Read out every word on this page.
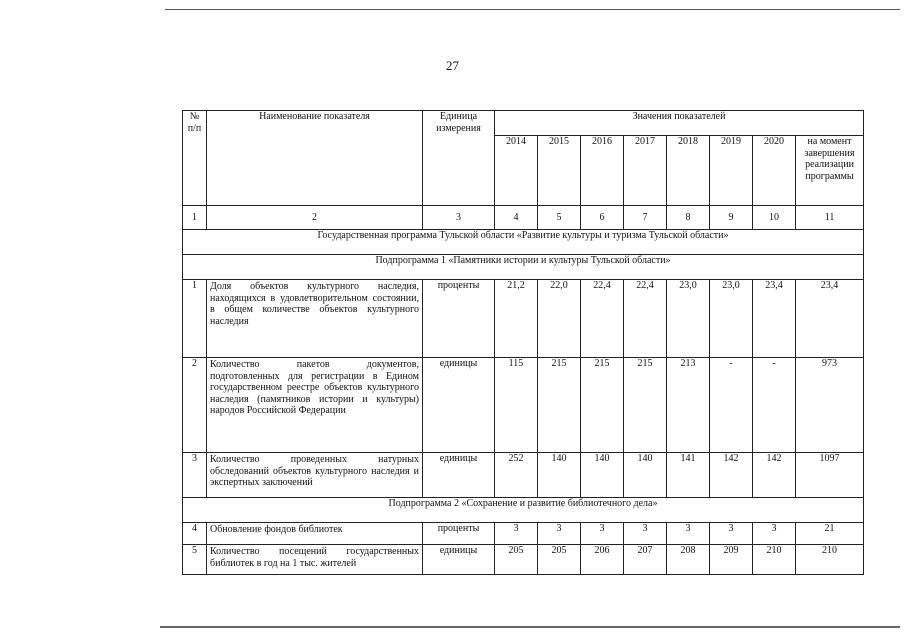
27
№ п/п	Наименование показателя	Единица измерения	Значения показателей							
			2014	2015	2016	2017	2018	2019	2020	на момент завершения реализации программы
1	2	3	4	5	6	7	8	9	10	11
Государственная программа Тульской области «Развитие культуры и туризма Тульской области»										
Подпрограмма 1 «Памятники истории и культуры Тульской области»										
1	Доля объектов культурного наследия, находящихся в удовлетворительном состоянии, в общем количестве объектов культурного наследия	проценты	21,2	22,0	22,4	22,4	23,0	23,0	23,4	23,4
2	Количество пакетов документов, подготовленных для регистрации в Едином государственном реестре объектов культурного наследия (памятников истории и культуры) народов Российской Федерации	единицы	115	215	215	215	213	-	-	973
3	Количество проведенных натурных обследований объектов культурного наследия и экспертных заключений	единицы	252	140	140	140	141	142	142	1097
Подпрограмма 2 «Сохранение и развитие библиотечного дела»										
4	Обновление фондов библиотек	проценты	3	3	3	3	3	3	3	21
5	Количество посещений государственных библиотек в год на 1 тыс. жителей	единицы	205	205	206	207	208	209	210	210
